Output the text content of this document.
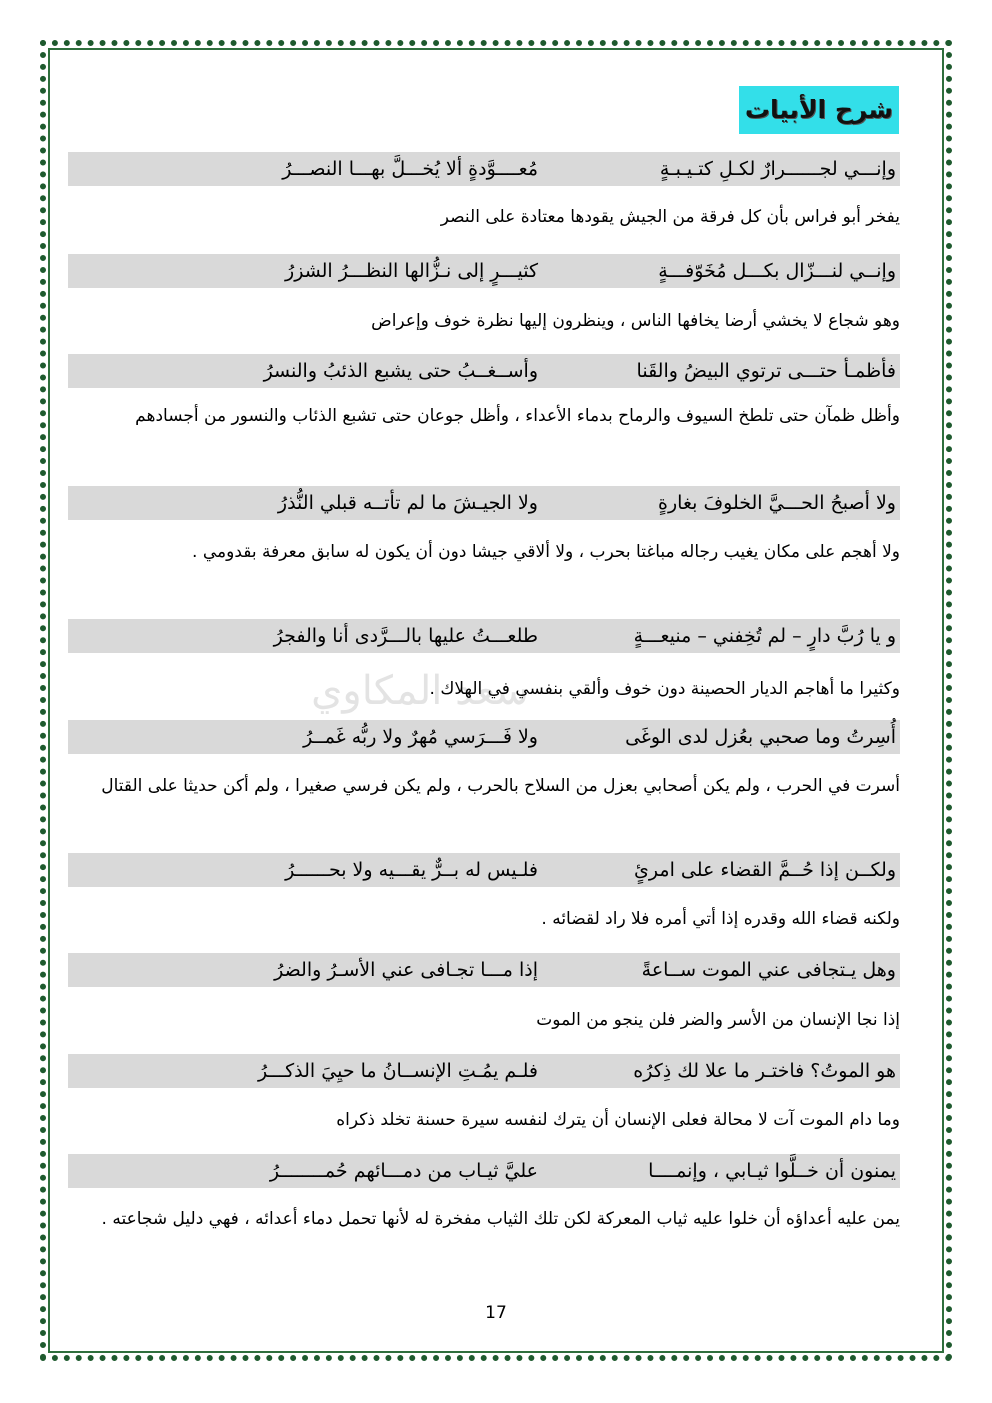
شرح الأبيات
سعد المكاوي
وإنـــي لجــــــرارٌ لكـلِ كتـيـبـةٍ
مُعــــوَّدةٍ ألا يُخـــلَّ بهـــا النصـــرُ
يفخر أبو فراس بأن كل فرقة من الجيش يقودها معتادة على النصر
وإنــي لنـــزّال بكـــل مُخَوّفـــةٍ
كثيـــرٍ إلى نـزُّالها النظـــرُ الشزرُ
وهو شجاع لا يخشي أرضا يخافها الناس ، وينظرون إليها نظرة خوف وإعراض
فأظمـأ حتـــى ترتوي البيضُ والقَنا
وأســغــبُ حتى يشبع الذئبُ والنسرُ
وأظل ظمآن حتى تلطخ السيوف والرماح بدماء الأعداء ، وأظل جوعان حتى تشبع الذئاب والنسور من أجسادهم
ولا أصبحُ الحـــيَّ الخلوفَ بغارةٍ
ولا الجيـشَ ما لم تأتــه قبلي النُّذرُ
ولا أهجم على مكان يغيب رجاله مباغتا بحرب ، ولا ألاقي جيشا دون أن يكون له سابق معرفة بقدومي .
و يا رُبَّ دارٍ – لم تُخِفني – منيعـــةٍ
طلعـــتُ عليها بالـــرَّدى أنا والفجرُ
وكثيرا ما أهاجم الديار الحصينة دون خوف وألقي بنفسي في الهلاك .
أُسِرتُ وما صحبي بعُزل لدى الوغَى
ولا فَـــرَسي مُهرٌ ولا ربُّه غَمــرُ
أسرت في الحرب ، ولم يكن أصحابي بعزل من السلاح بالحرب ، ولم يكن فرسي صغيرا ، ولم أكن حديثا على القتال
ولكــن إذا حُــمَّ القضاء على امرئٍ
فلـيس له بــرٌّ يقـــيه ولا بحــــــرُ
ولكنه قضاء الله وقدره إذا أتي أمره فلا راد لقضائه .
وهل يـتجافى عني الموت ســاعةً
إذا مـــا تجـافى عني الأسـرُ والضرُ
إذا نجا الإنسان من الأسر والضر فلن ينجو من الموت
هو الموتُ؟ فاختـر ما علا لك ذِكرُه
فلـم يمُـتِ الإنســانُ ما حيِيَ الذكـــرُ
وما دام الموت آت لا محالة فعلى الإنسان أن يترك لنفسه سيرة حسنة تخلد ذكراه
يمنون أن خــلَّوا ثيـابي ، وإنمــــا
عليَّ ثيـاب من دمـــائهم حُمــــــــرُ
يمن عليه أعداؤه أن خلوا عليه ثياب المعركة لكن تلك الثياب مفخرة له لأنها تحمل دماء أعدائه ، فهي دليل شجاعته .
17
